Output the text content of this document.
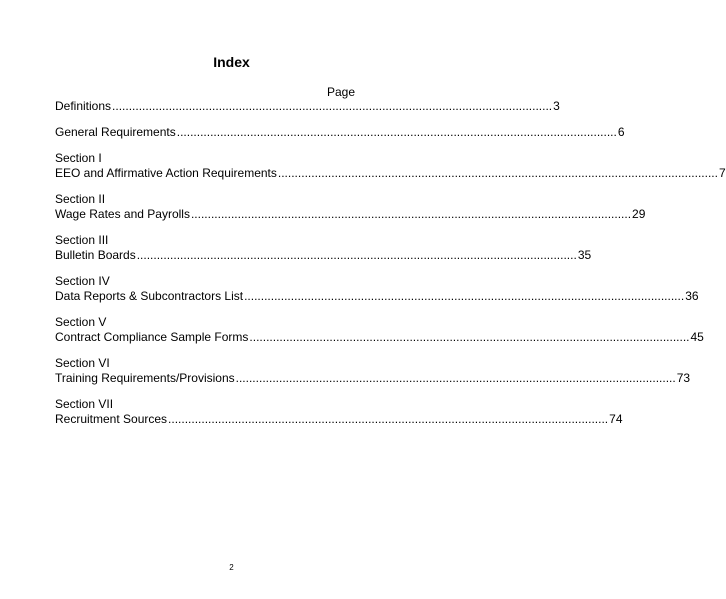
Index
Page
Definitions .................................................................................................................................... 3
General Requirements .................................................................................................................................... 6
Section I
EEO and Affirmative Action Requirements .................................................................................................................................... 7
Section II
Wage Rates and Payrolls .................................................................................................................................... 29
Section III
Bulletin Boards .................................................................................................................................... 35
Section IV
Data Reports & Subcontractors List .................................................................................................................................... 36
Section V
Contract Compliance Sample Forms .................................................................................................................................... 45
Section VI
Training Requirements/Provisions .................................................................................................................................... 73
Section VII
Recruitment Sources .................................................................................................................................... 74
2
